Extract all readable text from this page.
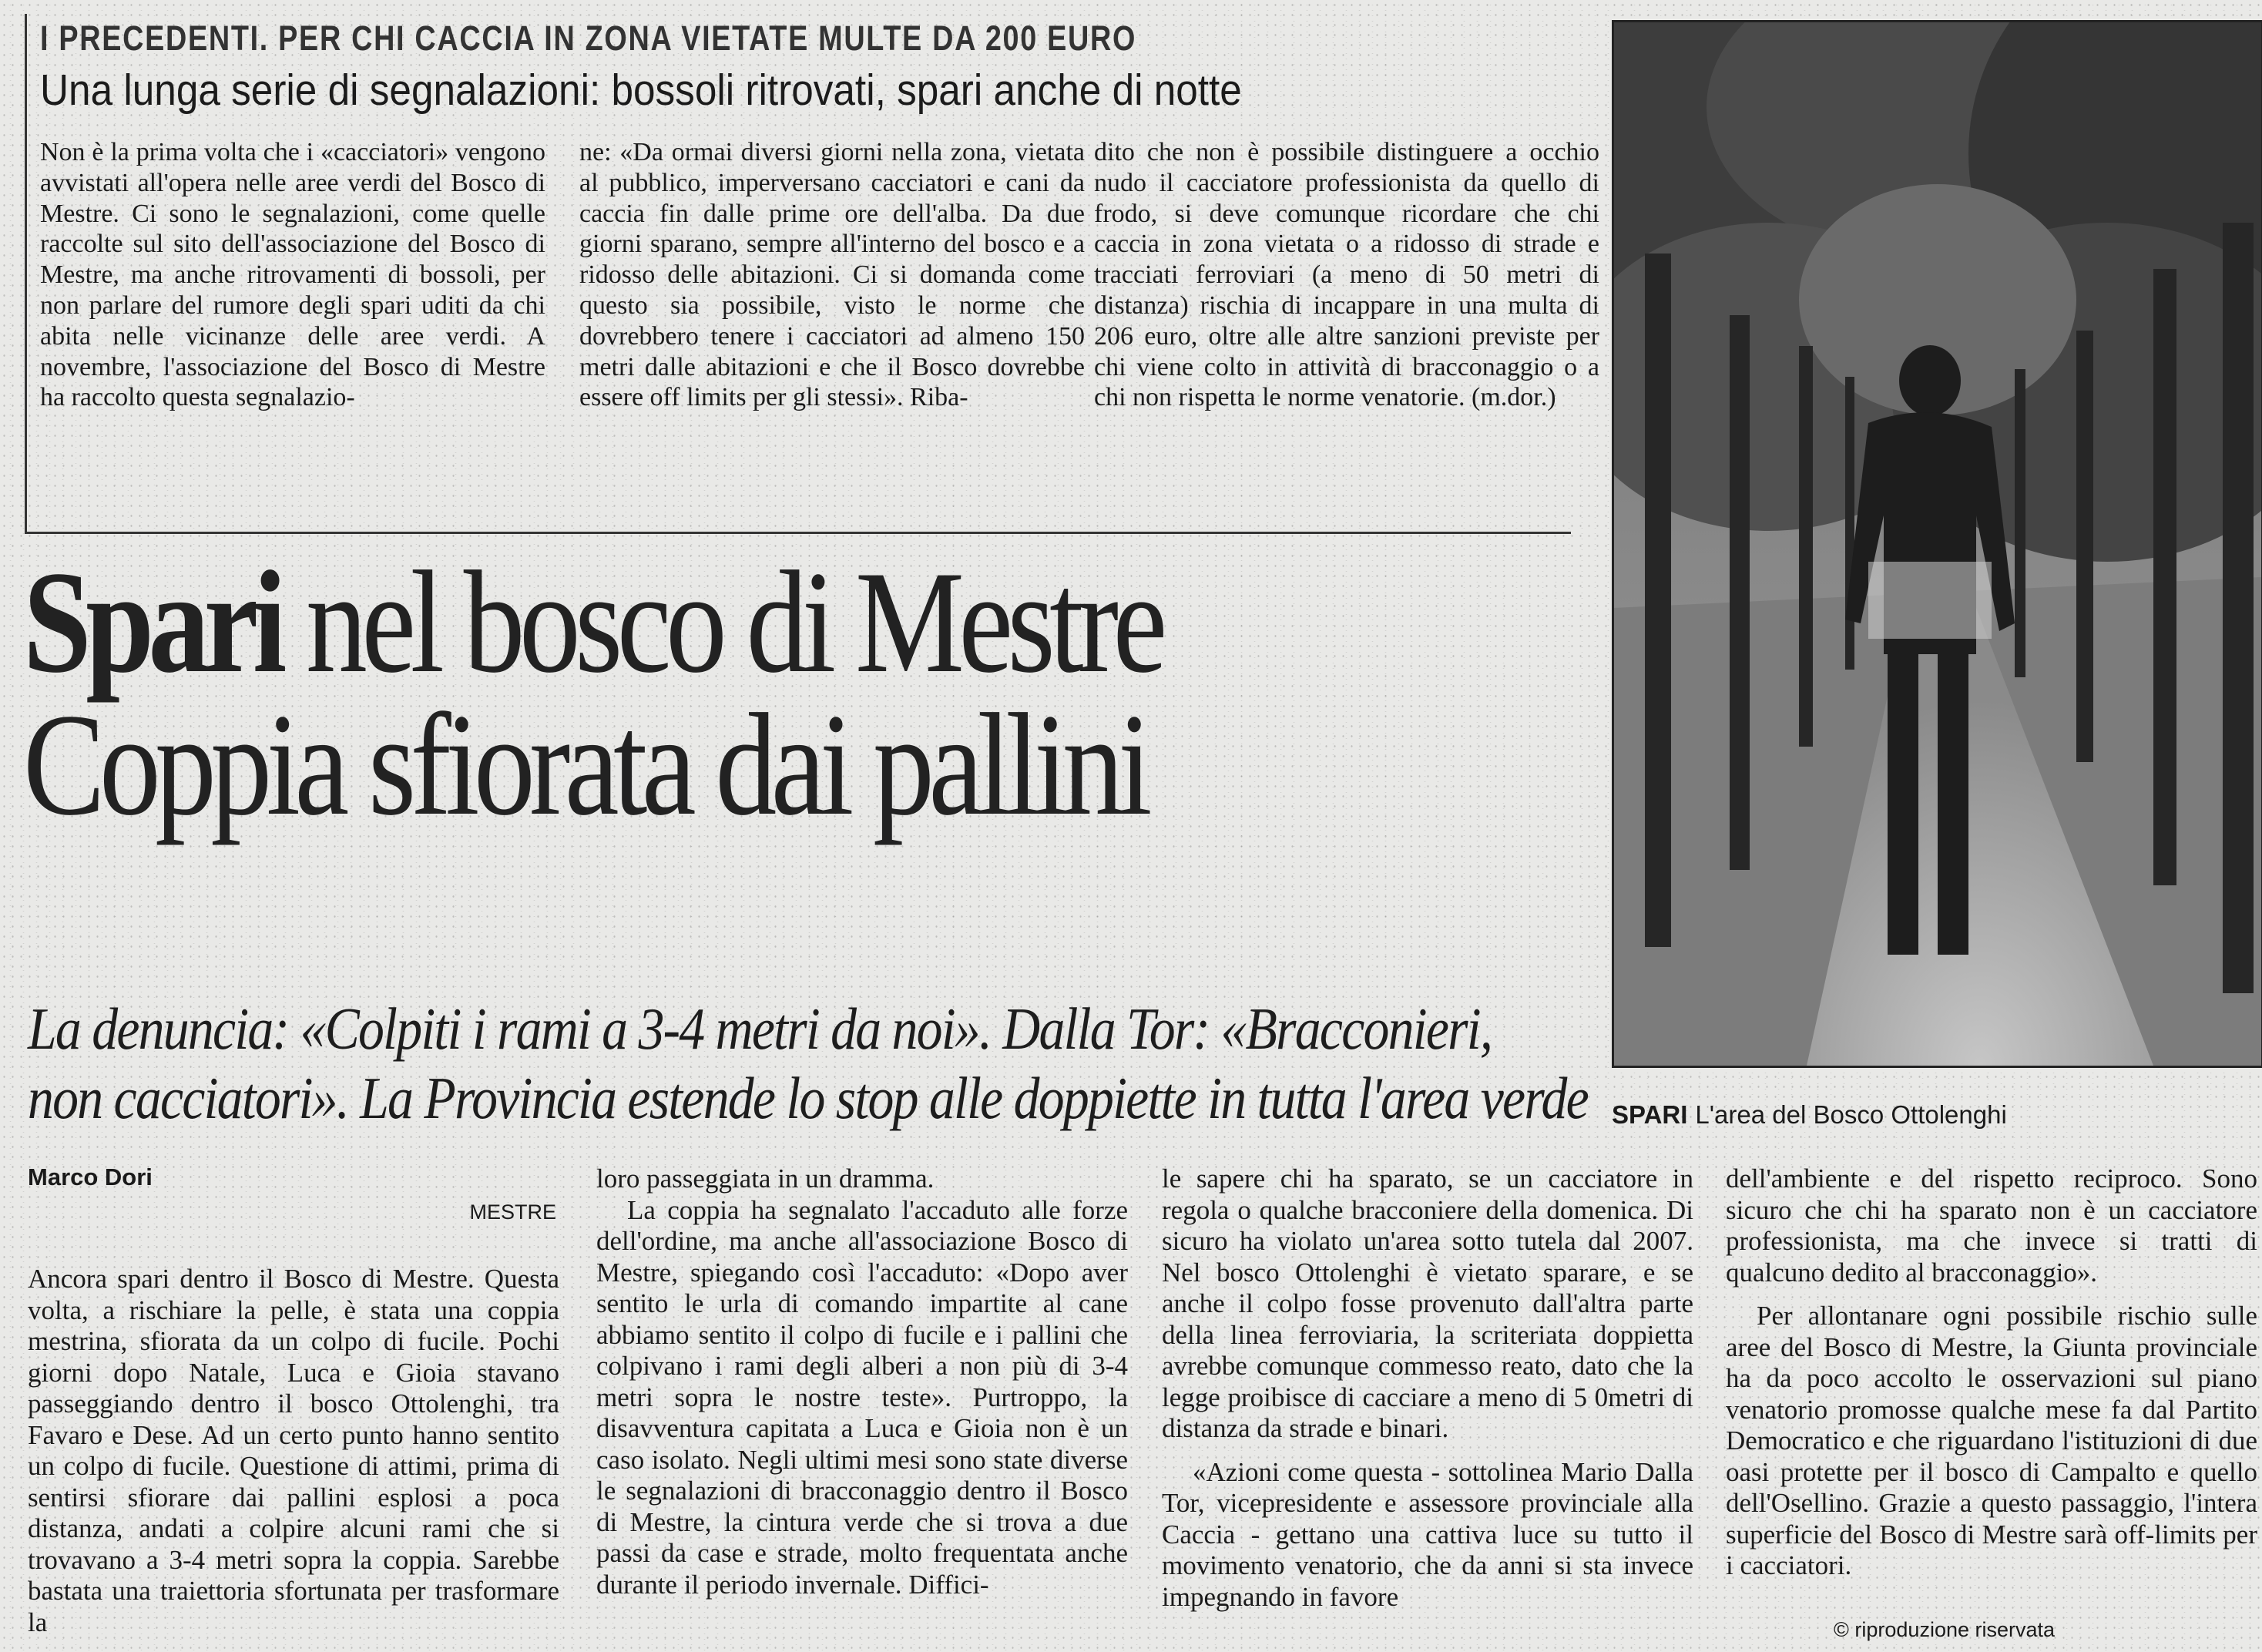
I PRECEDENTI. PER CHI CACCIA IN ZONA VIETATE MULTE DA 200 EURO
Una lunga serie di segnalazioni: bossoli ritrovati, spari anche di notte

Non è la prima volta che i «cacciatori» vengono avvistati all'opera nelle aree verdi del Bosco di Mestre. Ci sono le segnalazioni, come quelle raccolte sul sito dell'associazione del Bosco di Mestre, ma anche ritrovamenti di bossoli, per non parlare del rumore degli spari uditi da chi abita nelle vicinanze delle aree verdi. A novembre, l'associazione del Bosco di Mestre ha raccolto questa segnalazio-

ne: «Da ormai diversi giorni nella zona, vietata al pubblico, imperversano cacciatori e cani da caccia fin dalle prime ore dell'alba. Da due giorni sparano, sempre all'interno del bosco e a ridosso delle abitazioni. Ci si domanda come questo sia possibile, visto le norme che dovrebbero tenere i cacciatori ad almeno 150 metri dalle abitazioni e che il Bosco dovrebbe essere off limits per gli stessi». Riba-

dito che non è possibile distinguere a occhio nudo il cacciatore professionista da quello di frodo, si deve comunque ricordare che chi caccia in zona vietata o a ridosso di strade e tracciati ferroviari (a meno di 50 metri di distanza) rischia di incappare in una multa di 206 euro, oltre alle altre sanzioni previste per chi viene colto in attività di bracconaggio o a chi non rispetta le norme venatorie. (m.dor.)

Spari nel bosco di Mestre
Coppia sfiorata dai pallini
La denuncia: «Colpiti i rami a 3-4 metri da noi». Dalla Tor: «Bracconieri,
non cacciatori». La Provincia estende lo stop alle doppiette in tutta l'area verde SPARI L'area del Bosco Ottolenghi
Marco Dori
MESTRE

Ancora spari dentro il Bosco di Mestre. Questa volta, a rischiare la pelle, è stata una coppia mestrina, sfiorata da un colpo di fucile. Pochi giorni dopo Natale, Luca e Gioia stavano passeggiando dentro il bosco Ottolenghi, tra Favaro e Dese. Ad un certo punto hanno sentito un colpo di fucile. Questione di attimi, prima di sentirsi sfiorare dai pallini esplosi a poca distanza, andati a colpire alcuni rami che si trovavano a 3-4 metri sopra la coppia. Sarebbe bastata una traiettoria sfortunata per trasformare la

loro passeggiata in un dramma.

La coppia ha segnalato l'accaduto alle forze dell'ordine, ma anche all'associazione Bosco di Mestre, spiegando così l'accaduto: «Dopo aver sentito le urla di comando impartite al cane abbiamo sentito il colpo di fucile e i pallini che colpivano i rami degli alberi a non più di 3-4 metri sopra le nostre teste». Purtroppo, la disavventura capitata a Luca e Gioia non è un caso isolato. Negli ultimi mesi sono state diverse le segnalazioni di bracconaggio dentro il Bosco di Mestre, la cintura verde che si trova a due passi da case e strade, molto frequentata anche durante il periodo invernale. Diffici-

le sapere chi ha sparato, se un cacciatore in regola o qualche bracconiere della domenica. Di sicuro ha violato un'area sotto tutela dal 2007. Nel bosco Ottolenghi è vietato sparare, e se anche il colpo fosse provenuto dall'altra parte della linea ferroviaria, la scriteriata doppietta avrebbe comunque commesso reato, dato che la legge proibisce di cacciare a meno di 5 0metri di distanza da strade e binari.

«Azioni come questa - sottolinea Mario Dalla Tor, vicepresidente e assessore provinciale alla Caccia - gettano una cattiva luce su tutto il movimento venatorio, che da anni si sta invece impegnando in favore

dell'ambiente e del rispetto reciproco. Sono sicuro che chi ha sparato non è un cacciatore professionista, ma che invece si tratti di qualcuno dedito al bracconaggio».

Per allontanare ogni possibile rischio sulle aree del Bosco di Mestre, la Giunta provinciale ha da poco accolto le osservazioni sul piano venatorio promosse qualche mese fa dal Partito Democratico e che riguardano l'istituzioni di due oasi protette per il bosco di Campalto e quello dell'Osellino. Grazie a questo passaggio, l'intera superficie del Bosco di Mestre sarà off-limits per i cacciatori.

© riproduzione riservata
